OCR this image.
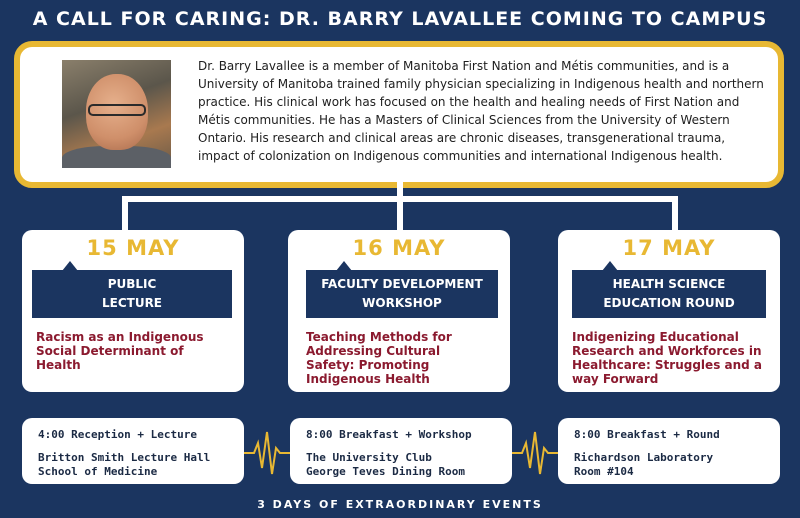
A CALL FOR CARING: DR. BARRY LAVALLEE COMING TO CAMPUS
Dr. Barry Lavallee is a member of Manitoba First Nation and Métis communities, and is a University of Manitoba trained family physician specializing in Indigenous health and northern practice. His clinical work has focused on the health and healing needs of First Nation and Métis communities. He has a Masters of Clinical Sciences from the University of Western Ontario. His research and clinical areas are chronic diseases, transgenerational trauma, impact of colonization on Indigenous communities and international Indigenous health.
15 MAY
PUBLIC
LECTURE
Racism as an Indigenous Social Determinant of Health
16 MAY
FACULTY DEVELOPMENT
WORKSHOP
Teaching Methods for Addressing Cultural Safety: Promoting Indigenous Health
17 MAY
HEALTH SCIENCE
EDUCATION ROUND
Indigenizing Educational Research and Workforces in Healthcare: Struggles and a way Forward
4:00 Reception + Lecture
Britton Smith Lecture Hall
School of Medicine
8:00 Breakfast + Workshop
The University Club
George Teves Dining Room
8:00 Breakfast + Round
Richardson Laboratory
Room #104
3 DAYS OF EXTRAORDINARY EVENTS
